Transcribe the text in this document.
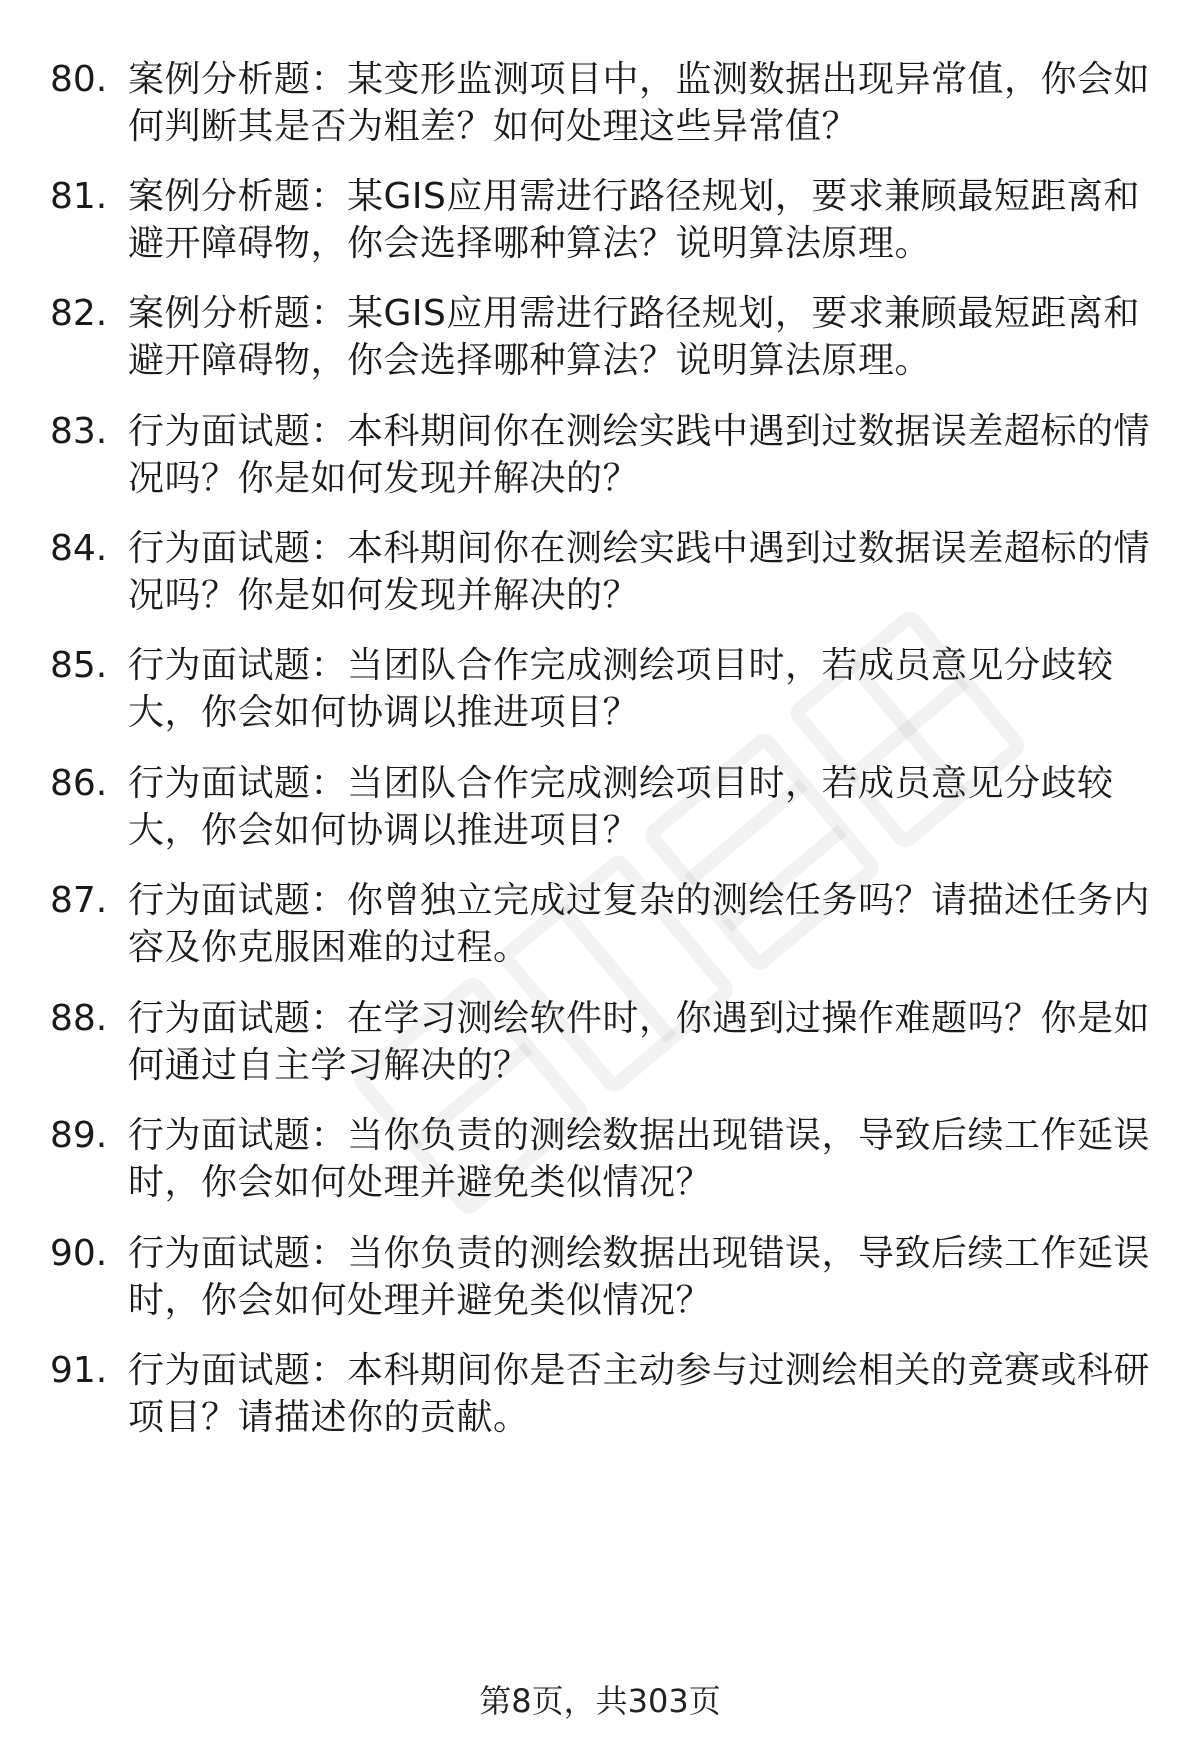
80. 案例分析题：某变形监测项目中，监测数据出现异常值，你会如何判断其是否为粗差？如何处理这些异常值？
81. 案例分析题：某GIS应用需进行路径规划，要求兼顾最短距离和避开障碍物，你会选择哪种算法？说明算法原理。
82. 案例分析题：某GIS应用需进行路径规划，要求兼顾最短距离和避开障碍物，你会选择哪种算法？说明算法原理。
83. 行为面试题：本科期间你在测绘实践中遇到过数据误差超标的情况吗？你是如何发现并解决的？
84. 行为面试题：本科期间你在测绘实践中遇到过数据误差超标的情况吗？你是如何发现并解决的？
85. 行为面试题：当团队合作完成测绘项目时，若成员意见分歧较大，你会如何协调以推进项目？
86. 行为面试题：当团队合作完成测绘项目时，若成员意见分歧较大，你会如何协调以推进项目？
87. 行为面试题：你曾独立完成过复杂的测绘任务吗？请描述任务内容及你克服困难的过程。
88. 行为面试题：在学习测绘软件时，你遇到过操作难题吗？你是如何通过自主学习解决的？
89. 行为面试题：当你负责的测绘数据出现错误，导致后续工作延误时，你会如何处理并避免类似情况？
90. 行为面试题：当你负责的测绘数据出现错误，导致后续工作延误时，你会如何处理并避免类似情况？
91. 行为面试题：本科期间你是否主动参与过测绘相关的竞赛或科研项目？请描述你的贡献。
第8页，共303页
